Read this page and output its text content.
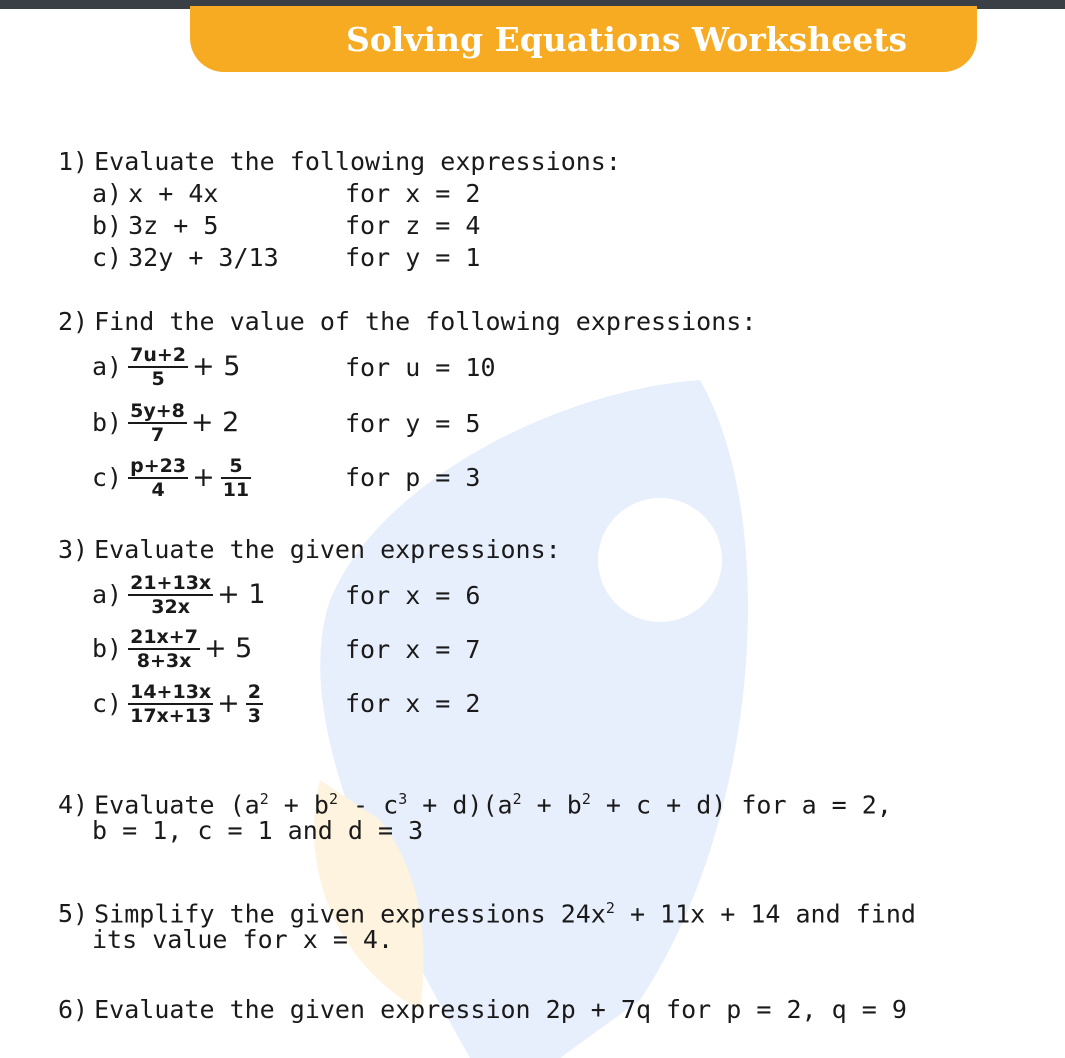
Solving Equations Worksheets
1) Evaluate the following expressions:
a) x + 4x	for x = 2
b) 3z + 5	for z = 4
c) 32y + 3/13	for y = 1
2) Find the value of the following expressions:
$a) \frac{7u+2}{5} + 5$	for u = 10
$b) \frac{5y+8}{7} + 2$	for y = 5
$c) \frac{p+23}{4} + \frac{5}{11}$	for p = 3
3) Evaluate the given expressions:
$a) \frac{21+13x}{32x} + 1$	for x = 6
$b) \frac{21x+7}{8+3x} + 5$	for x = 7
$c) \frac{14+13x}{17x+13} + \frac{2}{3}$	for x = 2
4) Evaluate $(a^2 + b^2 - c^3 + d)(a^2 + b^2 + c + d)$ for a = 2,
b = 1, c = 1 and d = 3
5) Simplify the given expressions $24x^2 + 11x + 14$ and find
its value for x = 4.
6) Evaluate the given expression 2p + 7q for p = 2, q = 9
